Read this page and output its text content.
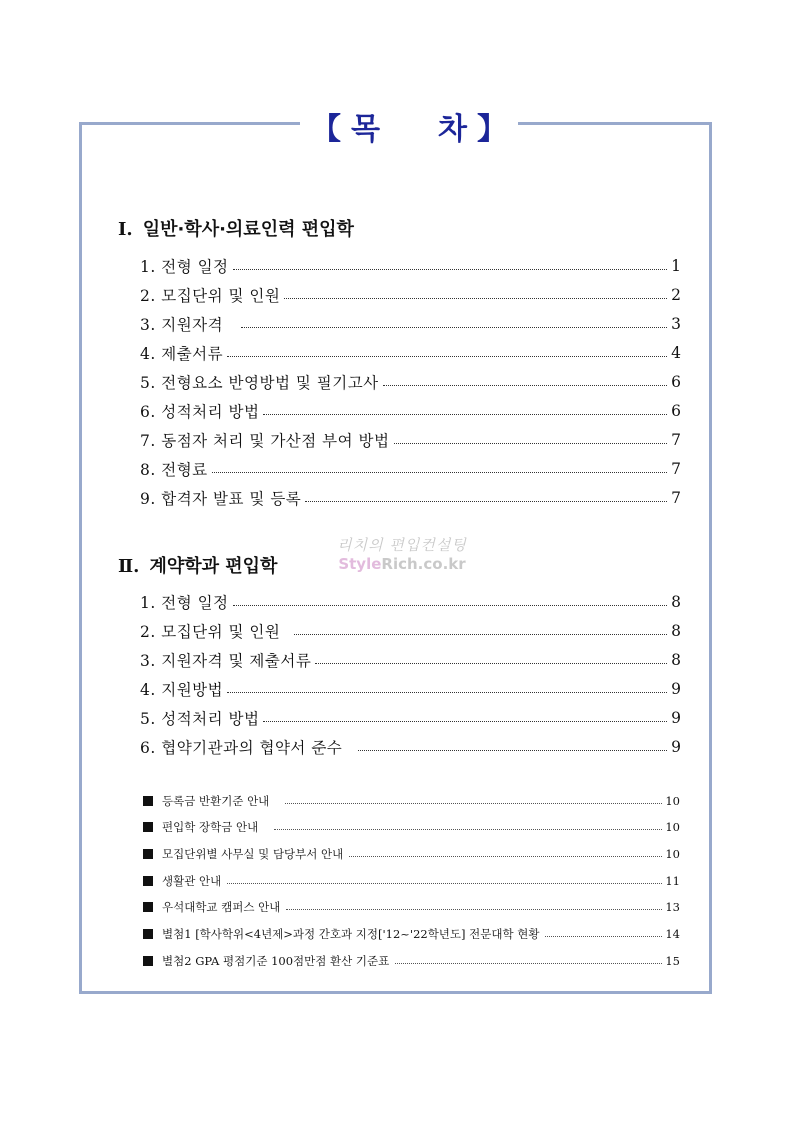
【 목 차 】
Ⅰ. 일반·학사·의료인력 편입학
1. 전형 일정	1
2. 모집단위 및 인원	2
3. 지원자격	3
4. 제출서류	4
5. 전형요소 반영방법 및 필기고사	6
6. 성적처리 방법	6
7. 동점자 처리 및 가산점 부여 방법	7
8. 전형료	7
9. 합격자 발표 및 등록	7
리치의 편입컨설팅
StyleRich.co.kr
Ⅱ. 계약학과 편입학
1. 전형 일정	8
2. 모집단위 및 인원	8
3. 지원자격 및 제출서류	8
4. 지원방법	9
5. 성적처리 방법	9
6. 협약기관과의 협약서 준수	9
등록금 반환기준 안내	10
편입학 장학금 안내	10
모집단위별 사무실 및 담당부서 안내	10
생활관 안내	11
우석대학교 캠퍼스 안내	13
별첨1 [학사학위<4년제>과정 간호과 지정['12~'22학년도] 전문대학 현황	14
별첨2 GPA 평점기준 100점만점 환산 기준표	15
